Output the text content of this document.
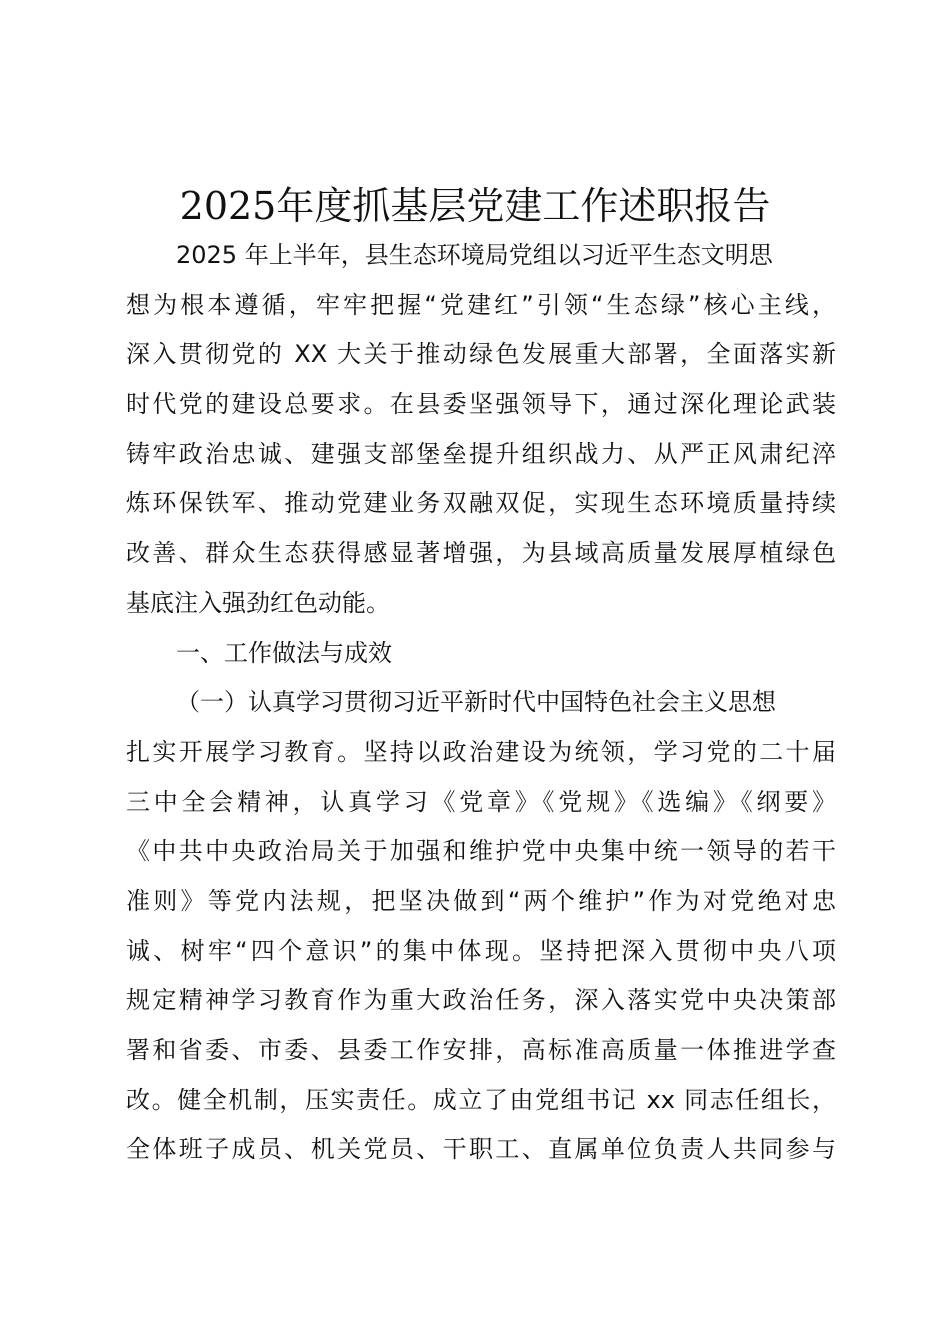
2025年度抓基层党建工作述职报告
2025 年上半年，县生态环境局党组以习近平生态文明思
想为根本遵循，牢牢把握“党建红”引领“生态绿”核心主线，
深入贯彻党的 XX 大关于推动绿色发展重大部署，全面落实新
时代党的建设总要求。在县委坚强领导下，通过深化理论武装
铸牢政治忠诚、建强支部堡垒提升组织战力、从严正风肃纪淬
炼环保铁军、推动党建业务双融双促，实现生态环境质量持续
改善、群众生态获得感显著增强，为县域高质量发展厚植绿色
基底注入强劲红色动能。
一、工作做法与成效
（一）认真学习贯彻习近平新时代中国特色社会主义思想
扎实开展学习教育。坚持以政治建设为统领，学习党的二十届
三中全会精神，认真学习《党章》《党规》《选编》《纲要》
《中共中央政治局关于加强和维护党中央集中统一领导的若干
准则》等党内法规，把坚决做到“两个维护”作为对党绝对忠
诚、树牢“四个意识”的集中体现。坚持把深入贯彻中央八项
规定精神学习教育作为重大政治任务，深入落实党中央决策部
署和省委、市委、县委工作安排，高标准高质量一体推进学查
改。健全机制，压实责任。成立了由党组书记 xx 同志任组长，
全体班子成员、机关党员、干职工、直属单位负责人共同参与
